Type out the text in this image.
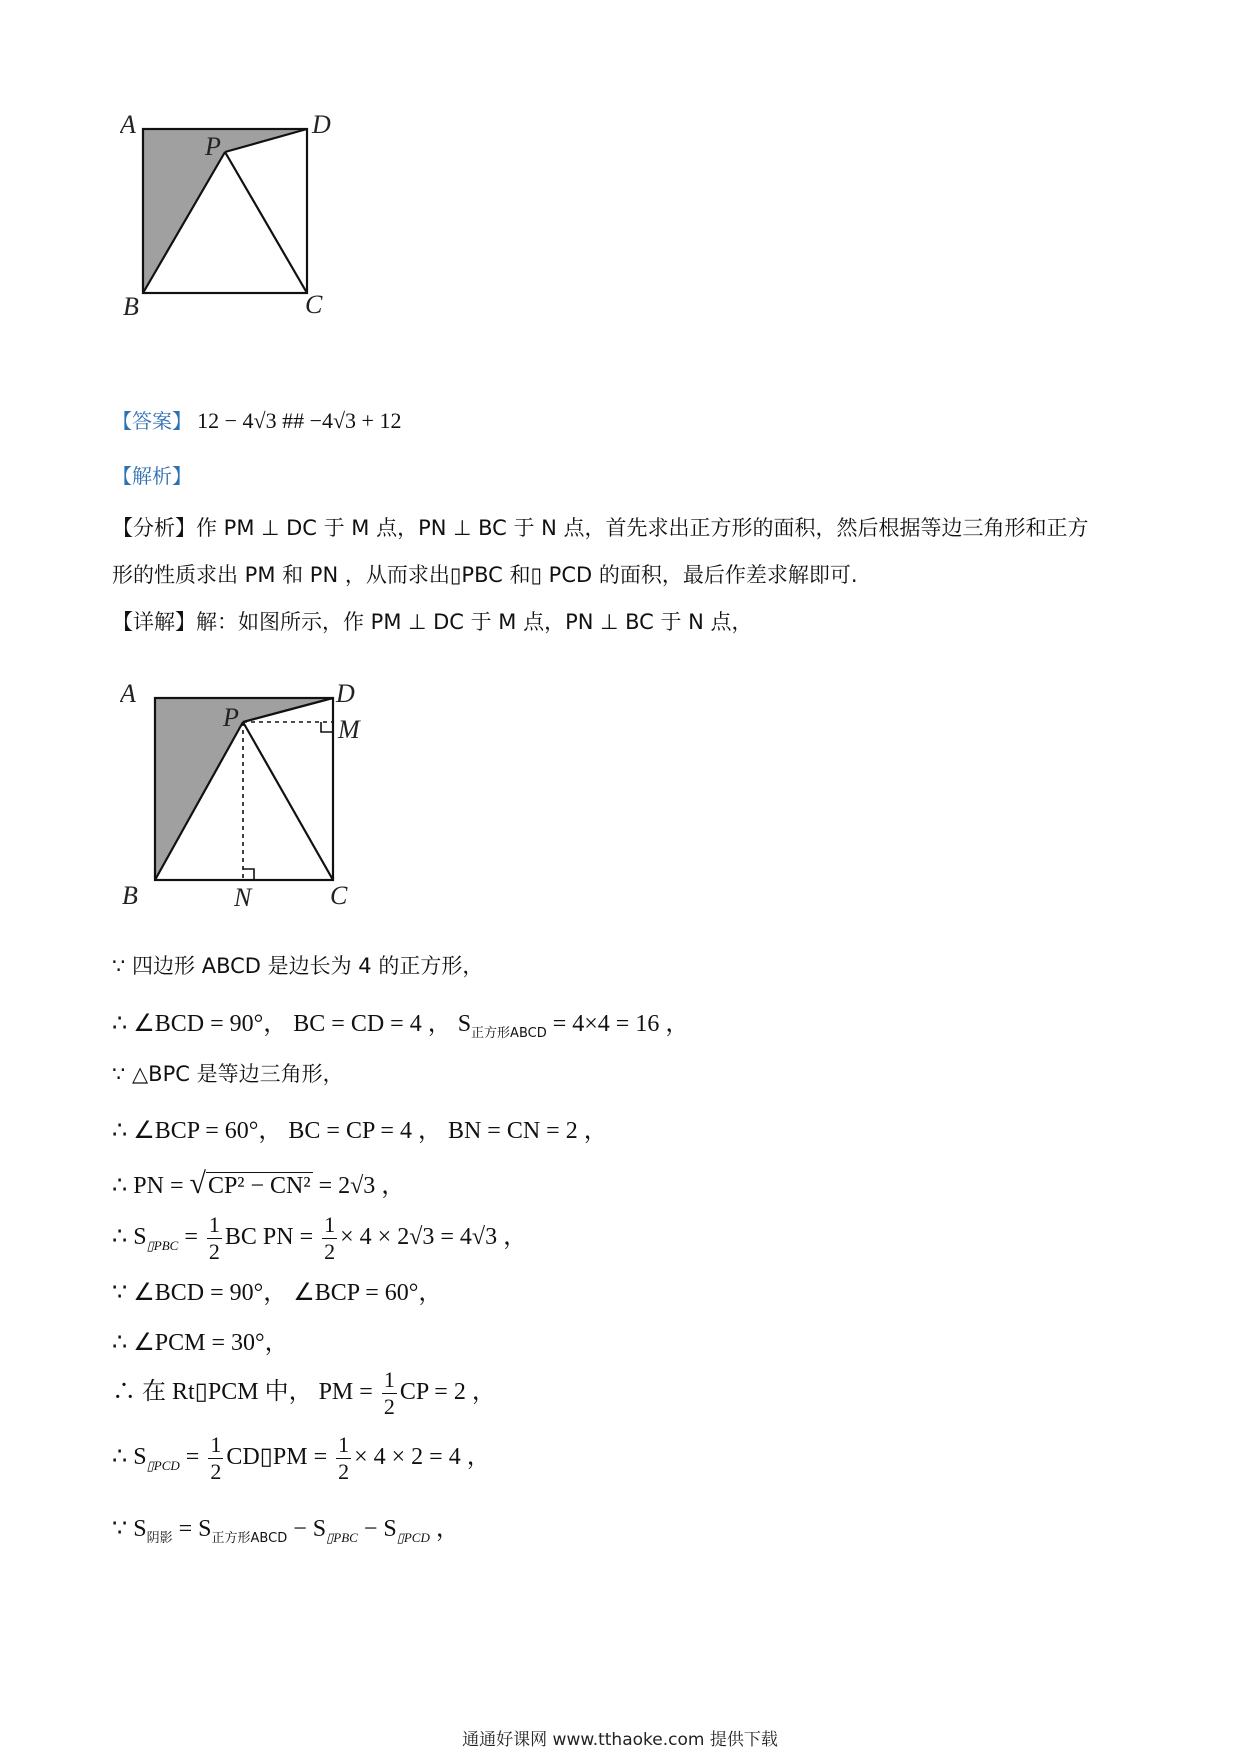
A	D
P
B	C
【答案】 12 − 4√3 ## −4√3 + 12
【解析】
【分析】作 PM ⊥ DC 于 M 点，PN ⊥ BC 于 N 点，首先求出正方形的面积，然后根据等边三角形和正方
形的性质求出 PM 和 PN ，从而求出▯PBC 和▯ PCD 的面积，最后作差求解即可.
【详解】解：如图所示，作 PM ⊥ DC 于 M 点，PN ⊥ BC 于 N 点，
A	D
P	M
B	N	C
∵ 四边形 ABCD 是边长为 4 的正方形，
∴ ∠BCD = 90°， BC = CD = 4 ， $S_{正方形ABCD} = 4\times 4 = 16$ ，
∵ △BPC 是等边三角形，
∴ ∠BCP = 60°， BC = CP = 4 ， BN = CN = 2 ，
∴ PN = √CP² − CN² = 2√3 ，
∴ $S_{▯PBC} = \frac{1}{2}$ BC PN = $\frac{1}{2} \times 4 \times 2√3 = 4√3$ ，
∵ ∠BCD = 90°， ∠BCP = 60°，
∴ ∠PCM = 30°，
∴ 在 Rt▯PCM 中， PM = $\frac{1}{2}$ CP = 2 ，
∴ $S_{▯PCD} = \frac{1}{2}$ CD▯PM = $\frac{1}{2} \times 4 \times 2 = 4$ ，
∵ $S_{阴影} = S_{正方形ABCD} - S_{▯PBC} - S_{▯PCD}$ ，
通通好课网 www.tthaoke.com 提供下载
